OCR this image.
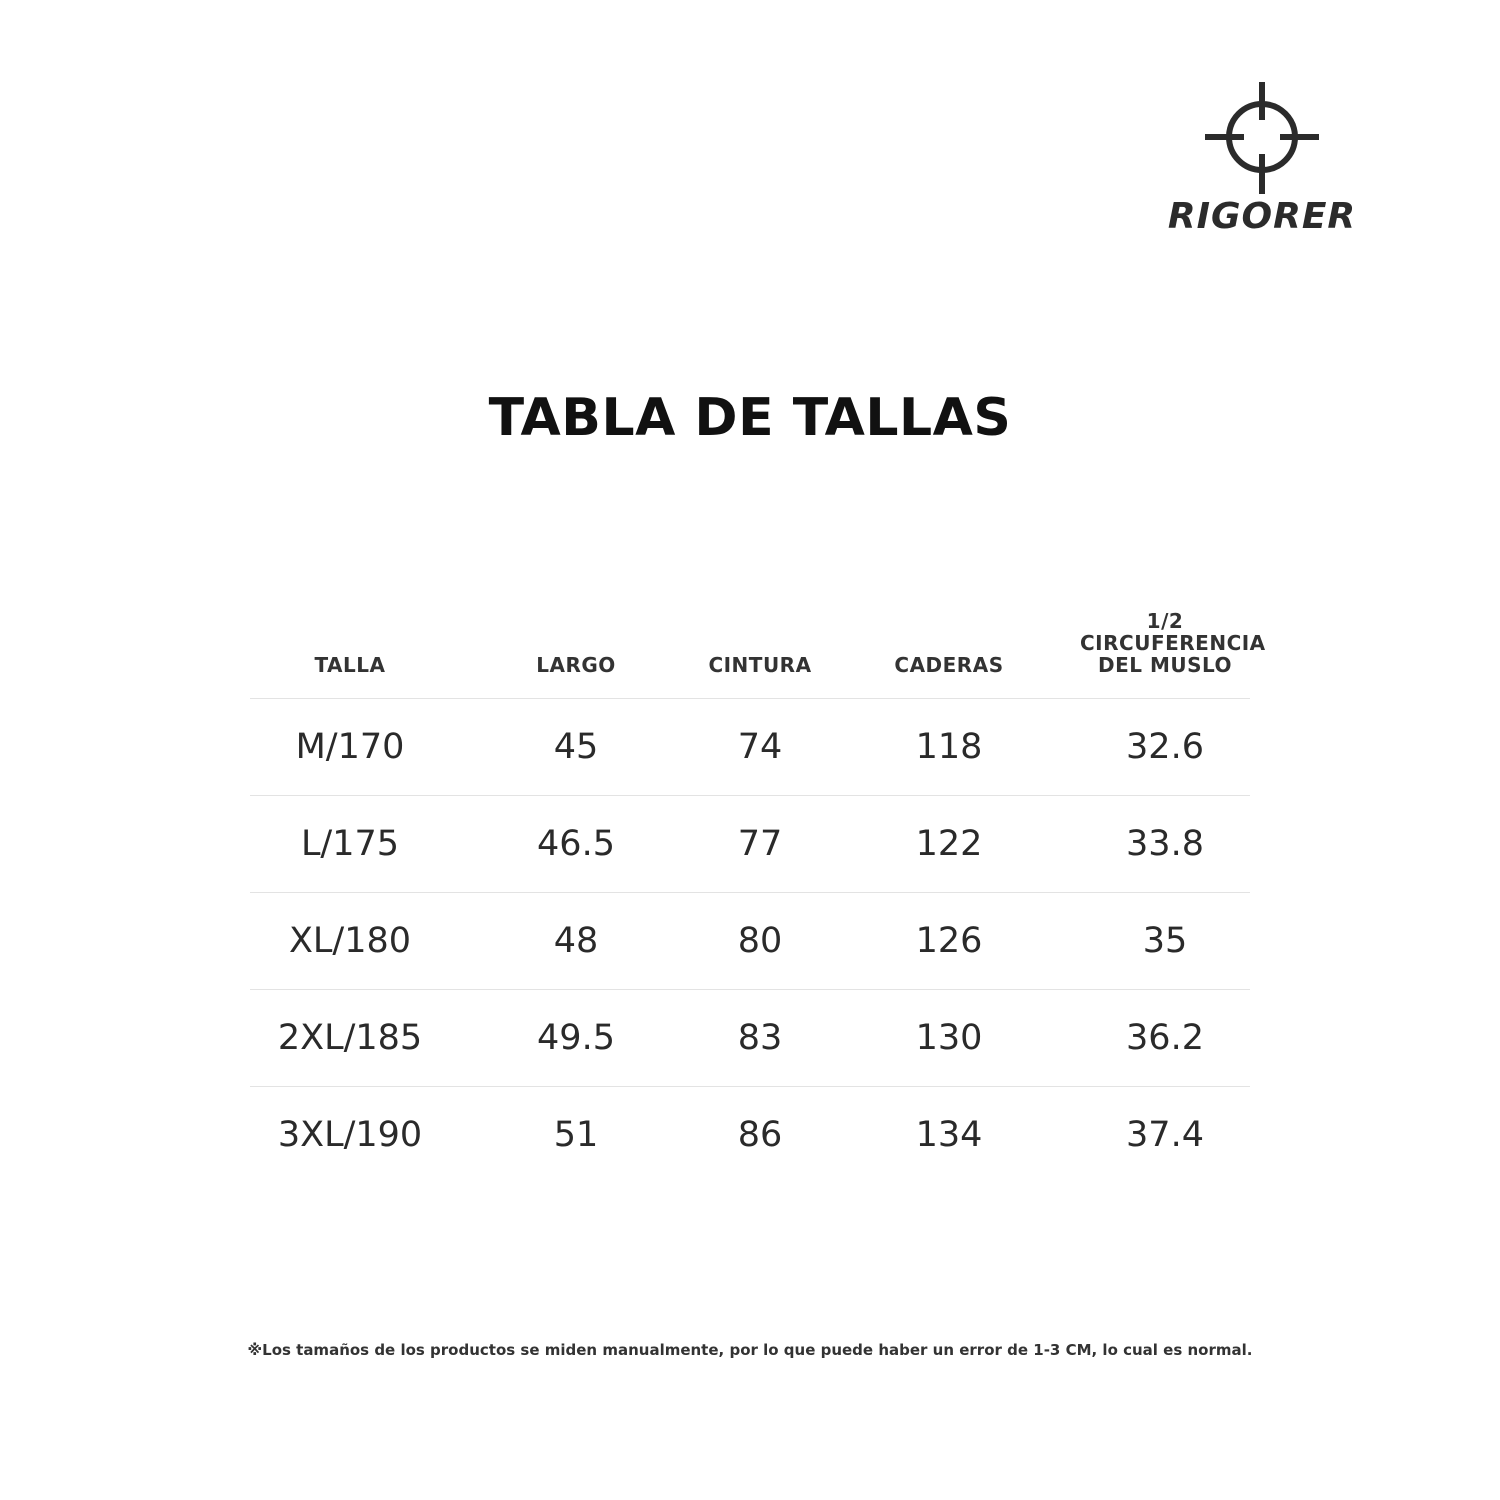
RIGORER
TABLA DE TALLAS
TALLA	LARGO	CINTURA	CADERAS	1/2
CIRCUFERENCIA
DEL MUSLO
M/170	45	74	118	32.6
L/175	46.5	77	122	33.8
XL/180	48	80	126	35
2XL/185	49.5	83	130	36.2
3XL/190	51	86	134	37.4
※Los tamaños de los productos se miden manualmente, por lo que puede haber un error de 1-3 CM, lo cual es normal.
